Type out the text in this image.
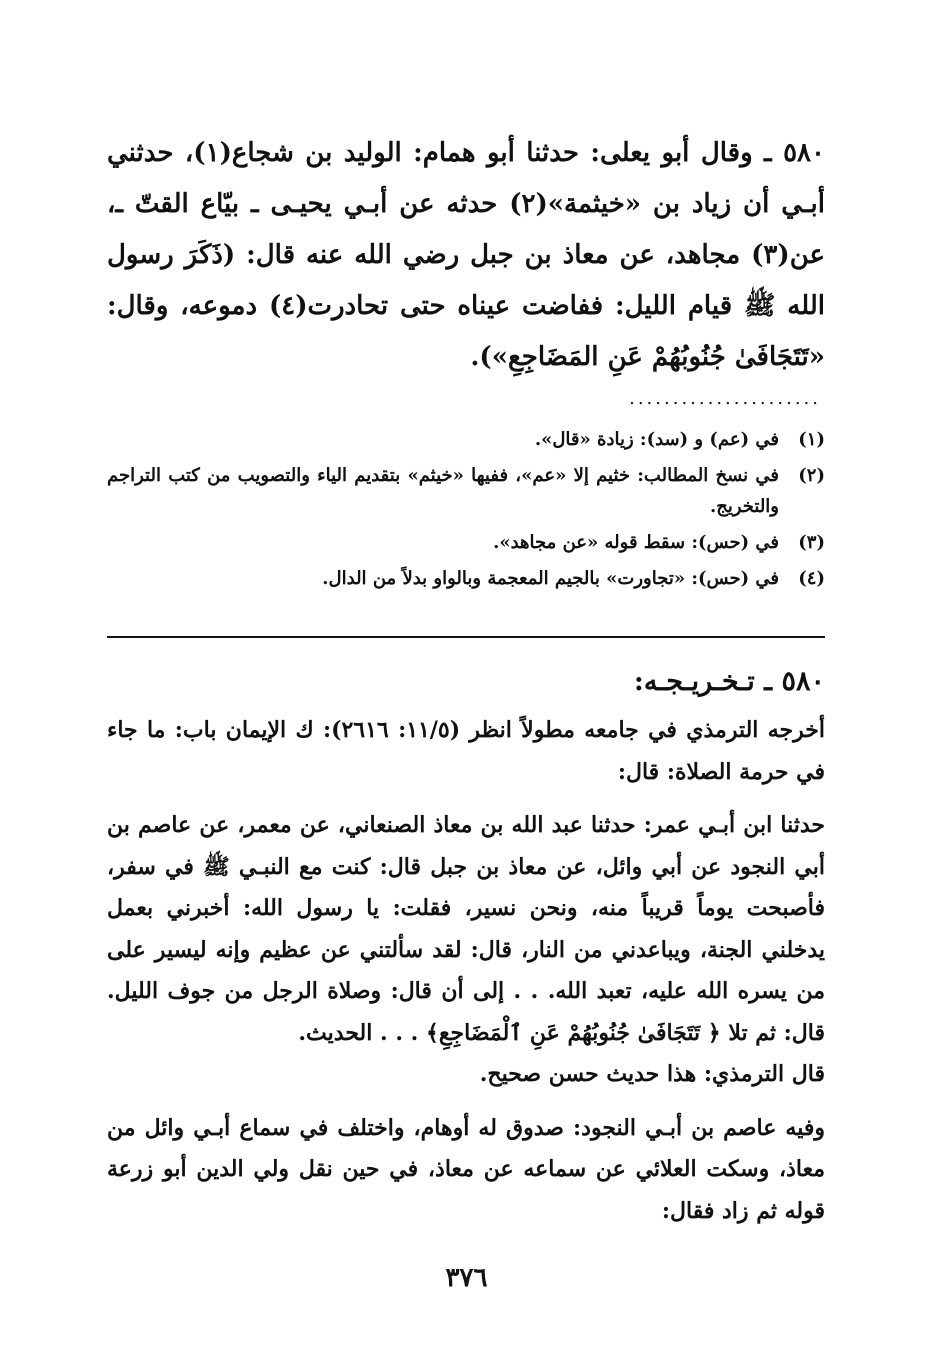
٥٨٠ ـ وقال أبو يعلى: حدثنا أبو همام: الوليد بن شجاع(١)، حدثني أبـي أن زياد بن «خيثمة»(٢) حدثه عن أبـي يحيـى ـ بيّاع القتّ ـ، عن(٣) مجاهد، عن معاذ بن جبل رضي الله عنه قال: (ذَكَرَ رسول الله ﷺ قيام الليل: ففاضت عيناه حتى تحادرت(٤) دموعه، وقال: «تَتَجَافَىٰ جُنُوبُهُمْ عَنِ المَضَاجِعِ»).

......................
(١)
في (عم) و (سد): زيادة «قال».
(٢)
في نسخ المطالب: خثيم إلا «عم»، ففيها «خيثم» بتقديم الياء والتصويب من كتب التراجم والتخريج.
(٣)
في (حس): سقط قوله «عن مجاهد».
(٤)
في (حس): «تجاورت» بالجيم المعجمة وبالواو بدلاً من الدال.
٥٨٠ ـ تـخـريـجـه:

أخرجه الترمذي في جامعه مطولاً انظر (١١/٥: ٢٦١٦): ك الإيمان باب: ما جاء في حرمة الصلاة: قال:

حدثنا ابن أبـي عمر: حدثنا عبد الله بن معاذ الصنعاني، عن معمر، عن عاصم بن أبي النجود عن أبي وائل، عن معاذ بن جبل قال: كنت مع النبـي ﷺ في سفر، فأصبحت يوماً قريباً منه، ونحن نسير، فقلت: يا رسول الله: أخبرني بعمل يدخلني الجنة، ويباعدني من النار، قال: لقد سألتني عن عظيم وإنه ليسير على من يسره الله عليه، تعبد الله. . . إلى أن قال: وصلاة الرجل من جوف الليل. قال: ثم تلا ﴿ تَتَجَافَىٰ جُنُوبُهُمْ عَنِ ٱلْمَضَاجِعِ﴾ . . . الحديث.

قال الترمذي: هذا حديث حسن صحيح.

وفيه عاصم بن أبـي النجود: صدوق له أوهام، واختلف في سماع أبـي وائل من معاذ، وسكت العلائي عن سماعه عن معاذ، في حين نقل ولي الدين أبو زرعة قوله ثم زاد فقال:

٣٧٦
